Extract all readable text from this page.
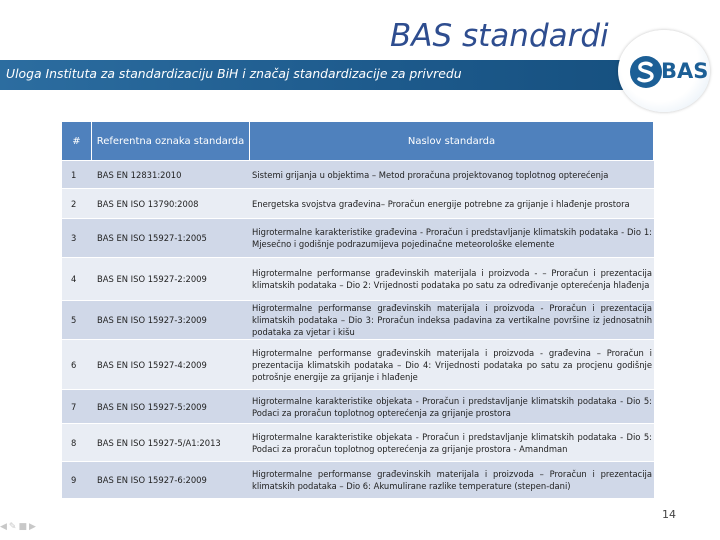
BAS standardi
Uloga Instituta za standardizaciju BiH i značaj standardizacije za privredu	BAS
#	Referentna oznaka standarda	Naslov standarda
1	BAS EN 12831:2010	Sistemi grijanja u objektima – Metod proračuna projektovanog toplotnog opterećenja
2	BAS EN ISO 13790:2008	Energetska svojstva građevina– Proračun energije potrebne za grijanje i hlađenje prostora
3	BAS EN ISO 15927-1:2005	Higrotermalne karakteristike građevina - Proračun i predstavljanje klimatskih podataka - Dio 1: Mjesečno i godišnje podrazumijeva pojedinačne meteorološke elemente
4	BAS EN ISO 15927-2:2009	Higrotermalne performanse građevinskih materijala i proizvoda - – Proračun i prezentacija klimatskih podataka – Dio 2: Vrijednosti podataka po satu za određivanje opterećenja hlađenja
5	BAS EN ISO 15927-3:2009	Higrotermalne performanse građevinskih materijala i proizvoda - Proračun i prezentacija klimatskih podataka – Dio 3: Proračun indeksa padavina za vertikalne površine iz jednosatnih podataka za vjetar i kišu
6	BAS EN ISO 15927-4:2009	Higrotermalne performanse građevinskih materijala i proizvoda - građevina – Proračun i prezentacija klimatskih podataka – Dio 4: Vrijednosti podataka po satu za procjenu godišnje potrošnje energije za grijanje i hlađenje
7	BAS EN ISO 15927-5:2009	Higrotermalne karakteristike objekata - Proračun i predstavljanje klimatskih podataka - Dio 5: Podaci za proračun toplotnog opterećenja za grijanje prostora
8	BAS EN ISO 15927-5/A1:2013	Higrotermalne karakteristike objekata - Proračun i predstavljanje klimatskih podataka - Dio 5: Podaci za proračun toplotnog opterećenja za grijanje prostora - Amandman
9	BAS EN ISO 15927-6:2009	Higrotermalne performanse građevinskih materijala i proizvoda – Proračun i prezentacija klimatskih podataka – Dio 6: Akumulirane razlike temperature (stepen-dani)
◀✎■▶
14
